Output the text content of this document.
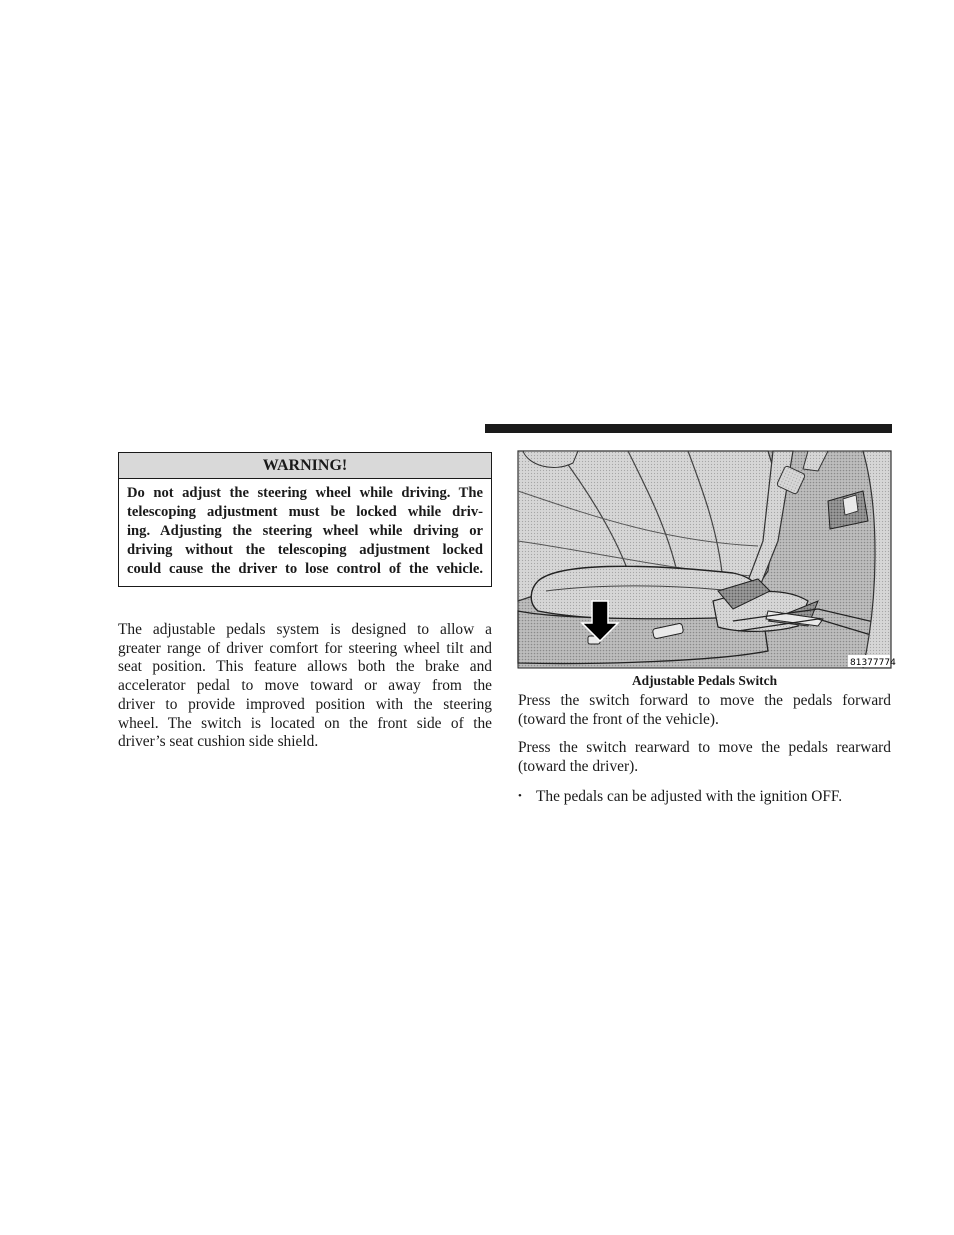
WARNING!
Do not adjust the steering wheel while driving. The
telescoping adjustment must be locked while driv-
ing. Adjusting the steering wheel while driving or
driving without the telescoping adjustment locked
could cause the driver to lose control of the vehicle.
The adjustable pedals system is designed to allow a
greater range of driver comfort for steering wheel tilt and
seat position. This feature allows both the brake and
accelerator pedal to move toward or away from the
driver to provide improved position with the steering
wheel. The switch is located on the front side of the
driver’s seat cushion side shield.
81377774
Adjustable Pedals Switch
Press the switch forward to move the pedals forward
(toward the front of the vehicle).
Press the switch rearward to move the pedals rearward
(toward the driver).
• The pedals can be adjusted with the ignition OFF.
